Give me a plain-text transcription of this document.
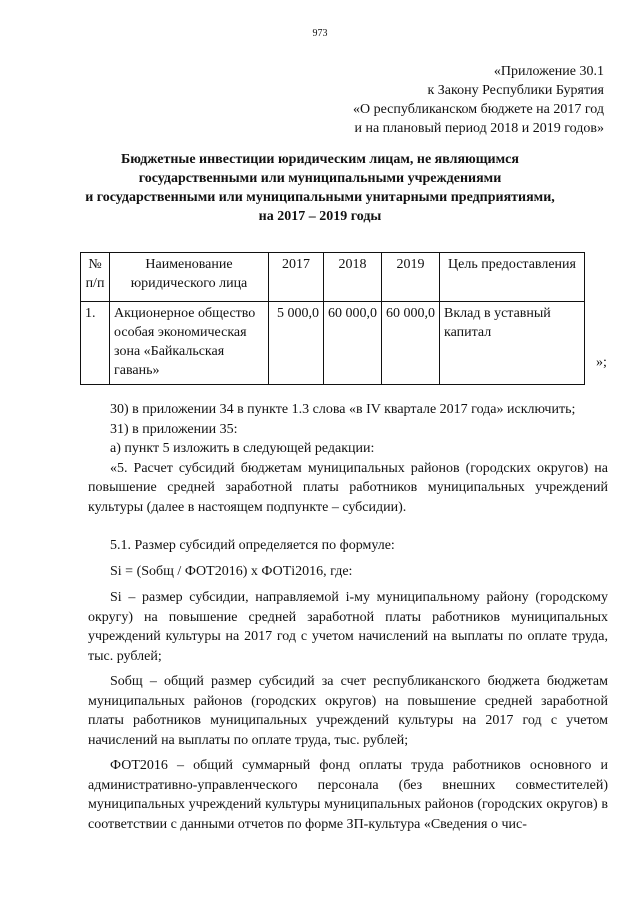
973
«Приложение 30.1
к Закону Республики Бурятия
«О республиканском бюджете на 2017 год
и на плановый период 2018 и 2019 годов»
Бюджетные инвестиции юридическим лицам, не являющимся
государственными или муниципальными учреждениями
и государственными или муниципальными унитарными предприятиями,
на 2017 – 2019 годы
№ п/п	Наименование юридического лица	2017	2018	2019	Цель предоставления
1.	Акционерное общество особая экономическая зона «Байкальская гавань»	5 000,0	60 000,0	60 000,0	Вклад в уставный капитал
»;

30) в приложении 34 в пункте 1.3 слова «в IV квартале 2017 года» исключить;

31) в приложении 35:

а) пункт 5 изложить в следующей редакции:

«5. Расчет субсидий бюджетам муниципальных районов (городских округов) на повышение средней заработной платы работников муниципальных учреждений культуры (далее в настоящем подпункте – субсидии).

5.1. Размер субсидий определяется по формуле:

Si = (Sобщ / ФОТ2016) х ФОТi2016, где:

Si – размер субсидии, направляемой i-му муниципальному району (городскому округу) на повышение средней заработной платы работников муниципальных учреждений культуры на 2017 год с учетом начислений на выплаты по оплате труда, тыс. рублей;

Sобщ – общий размер субсидий за счет республиканского бюджета бюджетам муниципальных районов (городских округов) на повышение средней заработной платы работников муниципальных учреждений культуры на 2017 год с учетом начислений на выплаты по оплате труда, тыс. рублей;

ФОТ2016 – общий суммарный фонд оплаты труда работников основного и административно-управленческого персонала (без внешних совместителей) муниципальных учреждений культуры муниципальных районов (городских округов) в соответствии с данными отчетов по форме ЗП-культура «Сведения о чис-
